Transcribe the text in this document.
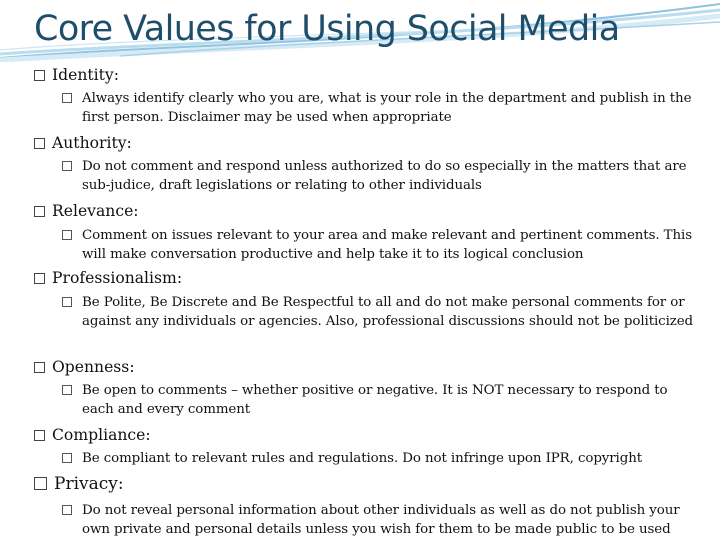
Core Values for Using Social Media
Identity:
Always identify clearly who you are, what is your role in the department and publish in the first person. Disclaimer may be used when appropriate
Authority:
Do not comment and respond unless authorized to do so especially in the matters that are sub-judice, draft legislations or relating to other individuals
Relevance:
Comment on issues relevant to your area and make relevant and pertinent comments. This will make conversation productive and help take it to its logical conclusion
Professionalism:
Be Polite, Be Discrete and Be Respectful to all and do not make personal comments for or against any individuals or agencies. Also, professional discussions should not be politicized
Openness:
Be open to comments – whether positive or negative. It is NOT necessary to respond to each and every comment
Compliance:
Be compliant to relevant rules and regulations. Do not infringe upon IPR, copyright
Privacy:
Do not reveal personal information about other individuals as well as do not publish your own private and personal details unless you wish for them to be made public to be used
